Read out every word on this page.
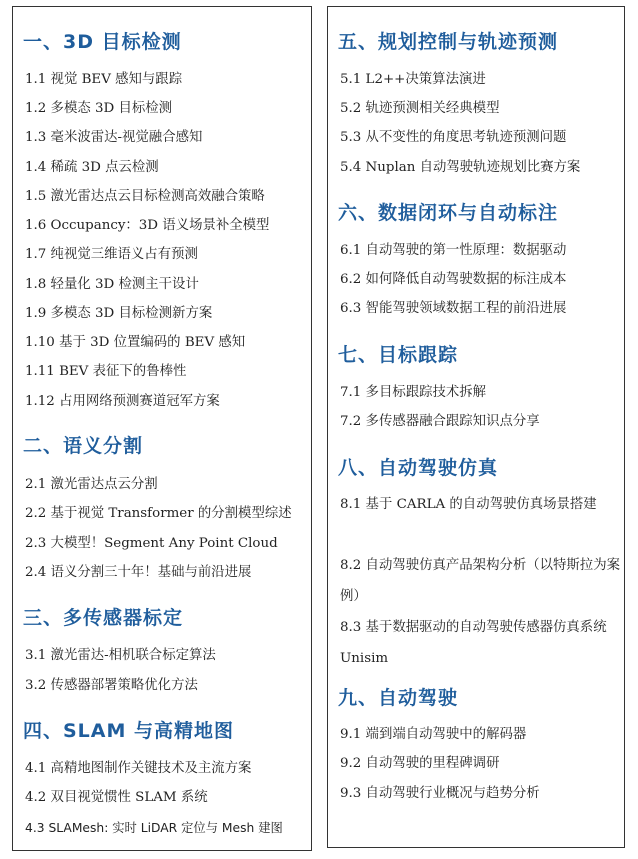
一、3D 目标检测
1.1 视觉 BEV 感知与跟踪
1.2 多模态 3D 目标检测
1.3 毫米波雷达-视觉融合感知
1.4 稀疏 3D 点云检测
1.5 激光雷达点云目标检测高效融合策略
1.6 Occupancy：3D 语义场景补全模型
1.7 纯视觉三维语义占有预测
1.8 轻量化 3D 检测主干设计
1.9 多模态 3D 目标检测新方案
1.10 基于 3D 位置编码的 BEV 感知
1.11 BEV 表征下的鲁棒性
1.12 占用网络预测赛道冠军方案
二、语义分割
2.1 激光雷达点云分割
2.2 基于视觉 Transformer 的分割模型综述
2.3 大模型！Segment Any Point Cloud
2.4 语义分割三十年！基础与前沿进展
三、多传感器标定
3.1 激光雷达-相机联合标定算法
3.2 传感器部署策略优化方法
四、SLAM 与高精地图
4.1 高精地图制作关键技术及主流方案
4.2 双目视觉惯性 SLAM 系统
4.3 SLAMesh: 实时 LiDAR 定位与 Mesh 建图
五、规划控制与轨迹预测
5.1 L2++决策算法演进
5.2 轨迹预测相关经典模型
5.3 从不变性的角度思考轨迹预测问题
5.4 Nuplan 自动驾驶轨迹规划比赛方案
六、数据闭环与自动标注
6.1 自动驾驶的第一性原理：数据驱动
6.2 如何降低自动驾驶数据的标注成本
6.3 智能驾驶领域数据工程的前沿进展
七、目标跟踪
7.1 多目标跟踪技术拆解
7.2 多传感器融合跟踪知识点分享
八、自动驾驶仿真
8.1 基于 CARLA 的自动驾驶仿真场景搭建
8.2 自动驾驶仿真产品架构分析（以特斯拉为案例）
8.3 基于数据驱动的自动驾驶传感器仿真系统 Unisim
九、自动驾驶
9.1 端到端自动驾驶中的解码器
9.2 自动驾驶的里程碑调研
9.3 自动驾驶行业概况与趋势分析
